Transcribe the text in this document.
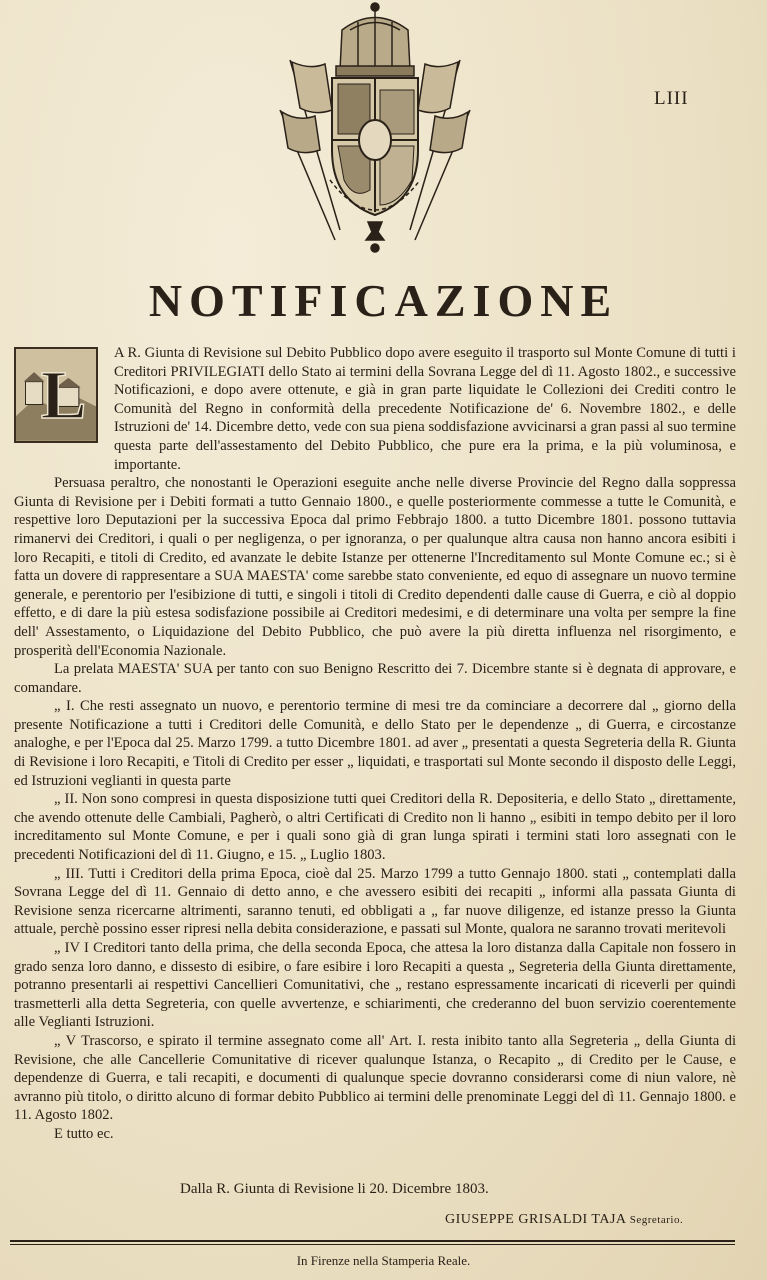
LIII
NOTIFICAZIONE
L

A R. Giunta di Revisione sul Debito Pubblico dopo avere eseguito il trasporto sul Monte Comune di tutti i Creditori PRIVILEGIATI dello Stato ai termini della Sovrana Legge del dì 11. Agosto 1802., e successive Notificazioni, e dopo avere ottenute, e già in gran parte liquidate le Collezioni dei Crediti contro le Comunità del Regno in conformità della precedente Notificazione de' 6. Novembre 1802., e delle Istruzioni de' 14. Dicembre detto, vede con sua piena soddisfazione avvicinarsi a gran passi al suo termine questa parte dell'assestamento del Debito Pubblico, che pure era la prima, e la più voluminosa, e importante.

Persuasa peraltro, che nonostanti le Operazioni eseguite anche nelle diverse Provincie del Regno dalla soppressa Giunta di Revisione per i Debiti formati a tutto Gennaio 1800., e quelle posteriormente commesse a tutte le Comunità, e respettive loro Deputazioni per la successiva Epoca dal primo Febbrajo 1800. a tutto Dicembre 1801. possono tuttavia rimanervi dei Creditori, i quali o per negligenza, o per ignoranza, o per qualunque altra causa non hanno ancora esibiti i loro Recapiti, e titoli di Credito, ed avanzate le debite Istanze per ottenerne l'Increditamento sul Monte Comune ec.; si è fatta un dovere di rappresentare a SUA MAESTA' come sarebbe stato conveniente, ed equo di assegnare un nuovo termine generale, e perentorio per l'esibizione di tutti, e singoli i titoli di Credito dependenti dalle cause di Guerra, e ciò al doppio effetto, e di dare la più estesa sodisfazione possibile ai Creditori medesimi, e di determinare una volta per sempre la fine dell' Assestamento, o Liquidazione del Debito Pubblico, che può avere la più diretta influenza nel risorgimento, e prosperità dell'Economia Nazionale.

La prelata MAESTA' SUA per tanto con suo Benigno Rescritto dei 7. Dicembre stante si è degnata di approvare, e comandare.

„ I. Che resti assegnato un nuovo, e perentorio termine di mesi tre da cominciare a decorrere dal „ giorno della presente Notificazione a tutti i Creditori delle Comunità, e dello Stato per le dependenze „ di Guerra, e circostanze analoghe, e per l'Epoca dal 25. Marzo 1799. a tutto Dicembre 1801. ad aver „ presentati a questa Segreteria della R. Giunta di Revisione i loro Recapiti, e Titoli di Credito per esser „ liquidati, e trasportati sul Monte secondo il disposto delle Leggi, ed Istruzioni veglianti in questa parte

„ II. Non sono compresi in questa disposizione tutti quei Creditori della R. Depositeria, e dello Stato „ direttamente, che avendo ottenute delle Cambiali, Pagherò, o altri Certificati di Credito non li hanno „ esibiti in tempo debito per il loro increditamento sul Monte Comune, e per i quali sono già di gran lunga spirati i termini stati loro assegnati con le precedenti Notificazioni del dì 11. Giugno, e 15. „ Luglio 1803.

„ III. Tutti i Creditori della prima Epoca, cioè dal 25. Marzo 1799 a tutto Gennajo 1800. stati „ contemplati dalla Sovrana Legge del dì 11. Gennaio di detto anno, e che avessero esibiti dei recapiti „ informi alla passata Giunta di Revisione senza ricercarne altrimenti, saranno tenuti, ed obbligati a „ far nuove diligenze, ed istanze presso la Giunta attuale, perchè possino esser ripresi nella debita considerazione, e passati sul Monte, qualora ne saranno trovati meritevoli

„ IV I Creditori tanto della prima, che della seconda Epoca, che attesa la loro distanza dalla Capitale non fossero in grado senza loro danno, e dissesto di esibire, o fare esibire i loro Recapiti a questa „ Segreteria della Giunta direttamente, potranno presentarli ai respettivi Cancellieri Comunitativi, che „ restano espressamente incaricati di riceverli per quindi trasmetterli alla detta Segreteria, con quelle avvertenze, e schiarimenti, che crederanno del buon servizio coerentemente alle Veglianti Istruzioni.

„ V Trascorso, e spirato il termine assegnato come all' Art. I. resta inibito tanto alla Segreteria „ della Giunta di Revisione, che alle Cancellerie Comunitative di ricever qualunque Istanza, o Recapito „ di Credito per le Cause, e dependenze di Guerra, e tali recapiti, e documenti di qualunque specie dovranno considerarsi come di niun valore, nè avranno più titolo, o diritto alcuno di formar debito Pubblico ai termini delle prenominate Leggi del dì 11. Gennajo 1800. e 11. Agosto 1802.

E tutto ec.

Dalla R. Giunta di Revisione li 20. Dicembre 1803.
GIUSEPPE GRISALDI TAJA Segretario.
In Firenze nella Stamperia Reale.
